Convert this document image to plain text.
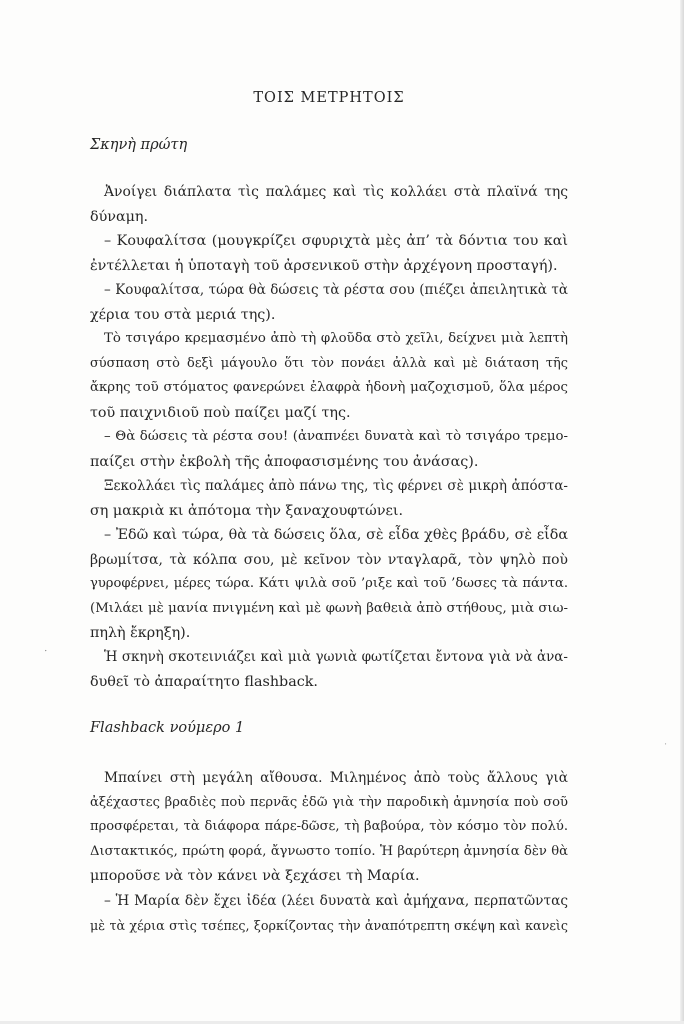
⋅
⋅
ΤΟΙΣ ΜΕΤΡΗΤΟΙΣ
Σκηνὴ πρώτη
Ἀνοίγει διάπλατα τὶς παλάμες καὶ τὶς κολλάει στὰ πλαϊνά της
δύναμη.
– Κουφαλίτσα (μουγκρίζει σφυριχτὰ μὲς ἀπ’ τὰ δόντια του καὶ
ἐντέλλεται ἡ ὑποταγὴ τοῦ ἀρσενικοῦ στὴν ἀρχέγονη προσταγή).
– Κουφαλίτσα, τώρα θὰ δώσεις τὰ ρέστα σου (πιέζει ἀπειλητικὰ τὰ
χέρια του στὰ μεριά της).
Τὸ τσιγάρο κρεμασμένο ἀπὸ τὴ φλοῦδα στὸ χεῖλι, δείχνει μιὰ λεπτὴ
σύσπαση στὸ δεξὶ μάγουλο ὅτι τὸν πονάει ἀλλὰ καὶ μὲ διάταση τῆς
ἄκρης τοῦ στόματος φανερώνει ἐλαφρὰ ἡδονὴ μαζοχισμοῦ, ὅλα μέρος
τοῦ παιχνιδιοῦ ποὺ παίζει μαζί της.
– Θὰ δώσεις τὰ ρέστα σου! (ἀναπνέει δυνατὰ καὶ τὸ τσιγάρο τρεμο-
παίζει στὴν ἐκβολὴ τῆς ἀποφασισμένης του ἀνάσας).
Ξεκολλάει τὶς παλάμες ἀπὸ πάνω της, τὶς φέρνει σὲ μικρὴ ἀπόστα-
ση μακριὰ κι ἀπότομα τὴν ξαναχουφτώνει.
– Ἐδῶ καὶ τώρα, θὰ τὰ δώσεις ὅλα, σὲ εἶδα χθὲς βράδυ, σὲ εἶδα
βρωμίτσα, τὰ κόλπα σου, μὲ κεῖνον τὸν νταγλαρᾶ, τὸν ψηλὸ ποὺ
γυροφέρνει, μέρες τώρα. Κάτι ψιλὰ σοῦ ’ριξε καὶ τοῦ ’δωσες τὰ πάντα.
(Μιλάει μὲ μανία πνιγμένη καὶ μὲ φωνὴ βαθειὰ ἀπὸ στήθους, μιὰ σιω-
πηλὴ ἔκρηξη).
Ἡ σκηνὴ σκοτεινιάζει καὶ μιὰ γωνιὰ φωτίζεται ἔντονα γιὰ νὰ ἀνα-
δυθεῖ τὸ ἀπαραίτητο flashback.
Flashback νούμερο 1
Μπαίνει στὴ μεγάλη αἴθουσα. Μιλημένος ἀπὸ τοὺς ἄλλους γιὰ
ἀξέχαστες βραδιὲς ποὺ περνᾶς ἐδῶ γιὰ τὴν παροδικὴ ἀμνησία ποὺ σοῦ
προσφέρεται, τὰ διάφορα πάρε-δῶσε, τὴ βαβούρα, τὸν κόσμο τὸν πολύ.
Διστακτικός, πρώτη φορά, ἄγνωστο τοπίο. Ἡ βαρύτερη ἀμνησία δὲν θὰ
μποροῦσε νὰ τὸν κάνει νὰ ξεχάσει τὴ Μαρία.
– Ἡ Μαρία δὲν ἔχει ἰδέα (λέει δυνατὰ καὶ ἀμήχανα, περπατῶντας
μὲ τὰ χέρια στὶς τσέπες, ξορκίζοντας τὴν ἀναπότρεπτη σκέψη καὶ κανεὶς
